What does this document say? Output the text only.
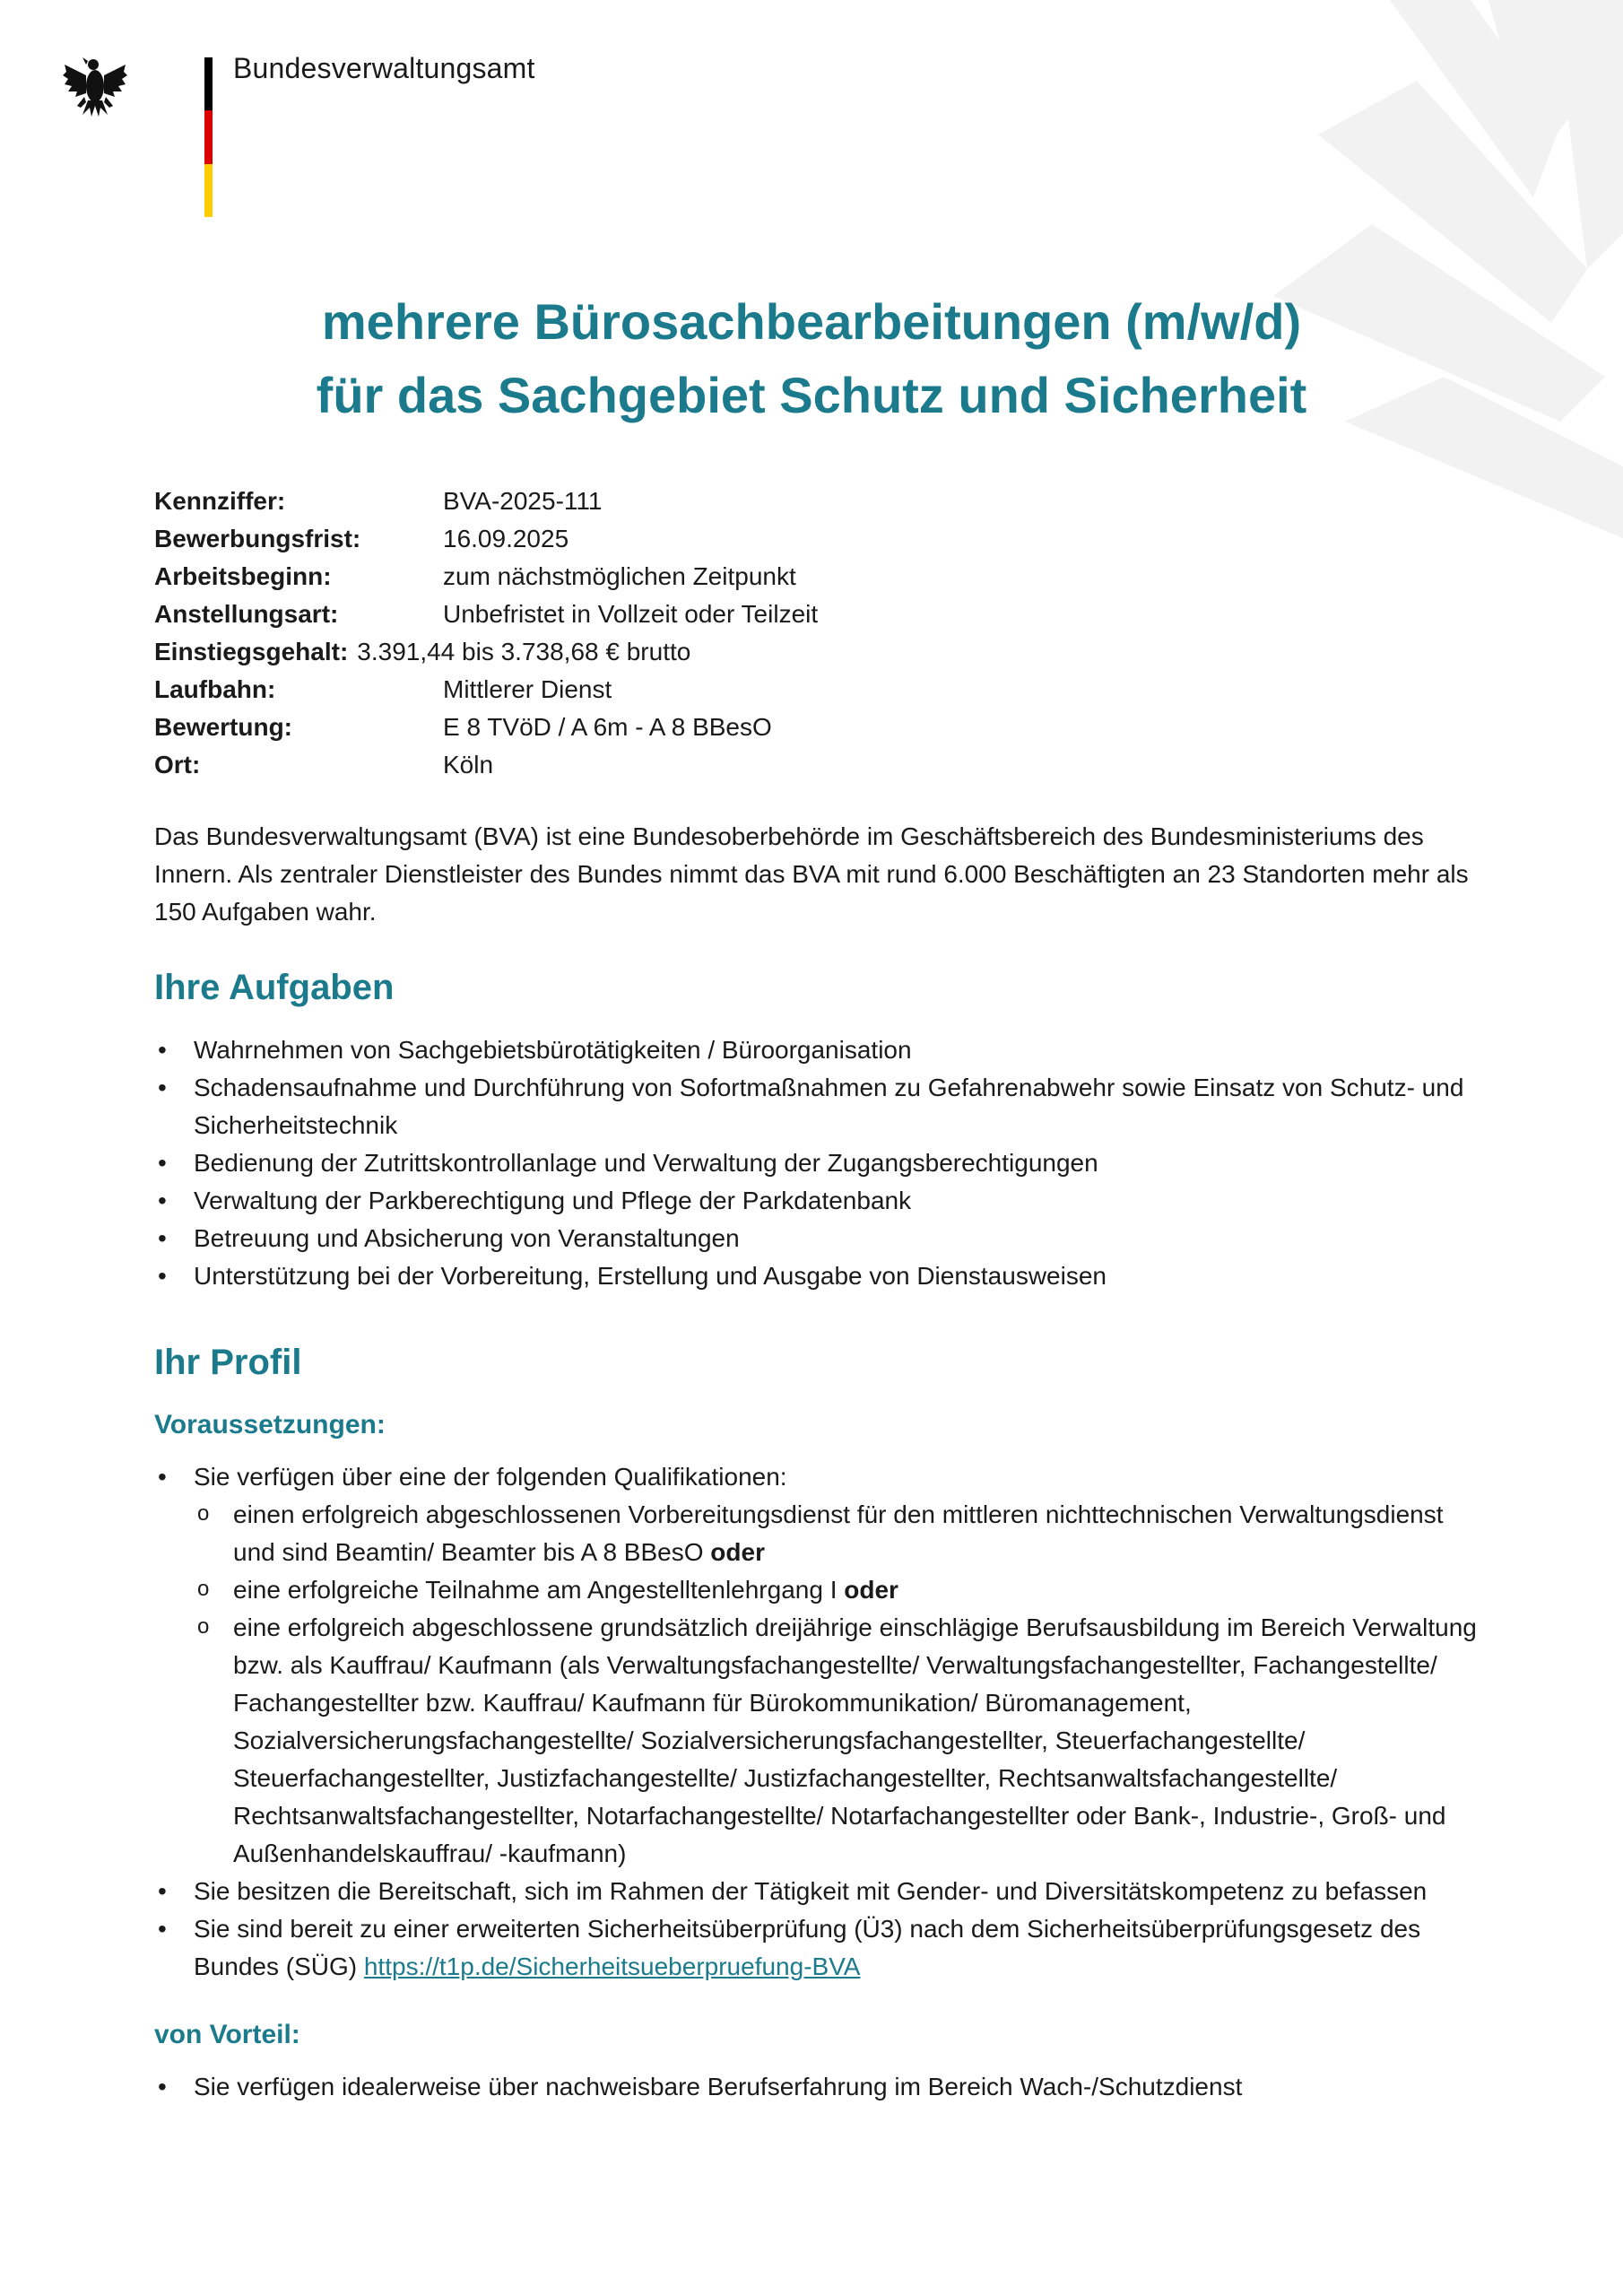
Bundesverwaltungsamt
mehrere Bürosachbearbeitungen (m/w/d)
für das Sachgebiet Schutz und Sicherheit
Kennziffer:	BVA-2025-111
Bewerbungsfrist:	16.09.2025
Arbeitsbeginn:	zum nächstmöglichen Zeitpunkt
Anstellungsart:	Unbefristet in Vollzeit oder Teilzeit
Einstiegsgehalt: 3.391,44 bis 3.738,68 € brutto
Laufbahn:	Mittlerer Dienst
Bewertung:	E 8 TVöD / A 6m - A 8 BBesO
Ort:	Köln
Das Bundesverwaltungsamt (BVA) ist eine Bundesoberbehörde im Geschäftsbereich des Bundesministeriums des Innern. Als zentraler Dienstleister des Bundes nimmt das BVA mit rund 6.000 Beschäftigten an 23 Standorten mehr als 150 Aufgaben wahr.
Ihre Aufgaben
• Wahrnehmen von Sachgebietsbürotätigkeiten / Büroorganisation
• Schadensaufnahme und Durchführung von Sofortmaßnahmen zu Gefahrenabwehr sowie Einsatz von Schutz- und Sicherheitstechnik
• Bedienung der Zutrittskontrollanlage und Verwaltung der Zugangsberechtigungen
• Verwaltung der Parkberechtigung und Pflege der Parkdatenbank
• Betreuung und Absicherung von Veranstaltungen
• Unterstützung bei der Vorbereitung, Erstellung und Ausgabe von Dienstausweisen
Ihr Profil
Voraussetzungen:
• Sie verfügen über eine der folgenden Qualifikationen:
o einen erfolgreich abgeschlossenen Vorbereitungsdienst für den mittleren nichttechnischen Verwaltungsdienst und sind Beamtin/ Beamter bis A 8 BBesO oder
o eine erfolgreiche Teilnahme am Angestelltenlehrgang I oder
o eine erfolgreich abgeschlossene grundsätzlich dreijährige einschlägige Berufsausbildung im Bereich Verwaltung bzw. als Kauffrau/ Kaufmann (als Verwaltungsfachangestellte/ Verwaltungsfachangestellter, Fachangestellte/ Fachangestellter bzw. Kauffrau/ Kaufmann für Bürokommunikation/ Büromanagement, Sozialversicherungsfachangestellte/ Sozialversicherungsfachangestellter, Steuerfachangestellte/ Steuerfachangestellter, Justizfachangestellte/ Justizfachangestellter, Rechtsanwaltsfachangestellte/ Rechtsanwaltsfachangestellter, Notarfachangestellte/ Notarfachangestellter oder Bank-, Industrie-, Groß- und Außenhandelskauffrau/ -kaufmann)
• Sie besitzen die Bereitschaft, sich im Rahmen der Tätigkeit mit Gender- und Diversitätskompetenz zu befassen
• Sie sind bereit zu einer erweiterten Sicherheitsüberprüfung (Ü3) nach dem Sicherheitsüberprüfungsgesetz des Bundes (SÜG) https://t1p.de/Sicherheitsueberpruefung-BVA
von Vorteil:
• Sie verfügen idealerweise über nachweisbare Berufserfahrung im Bereich Wach-/Schutzdienst
